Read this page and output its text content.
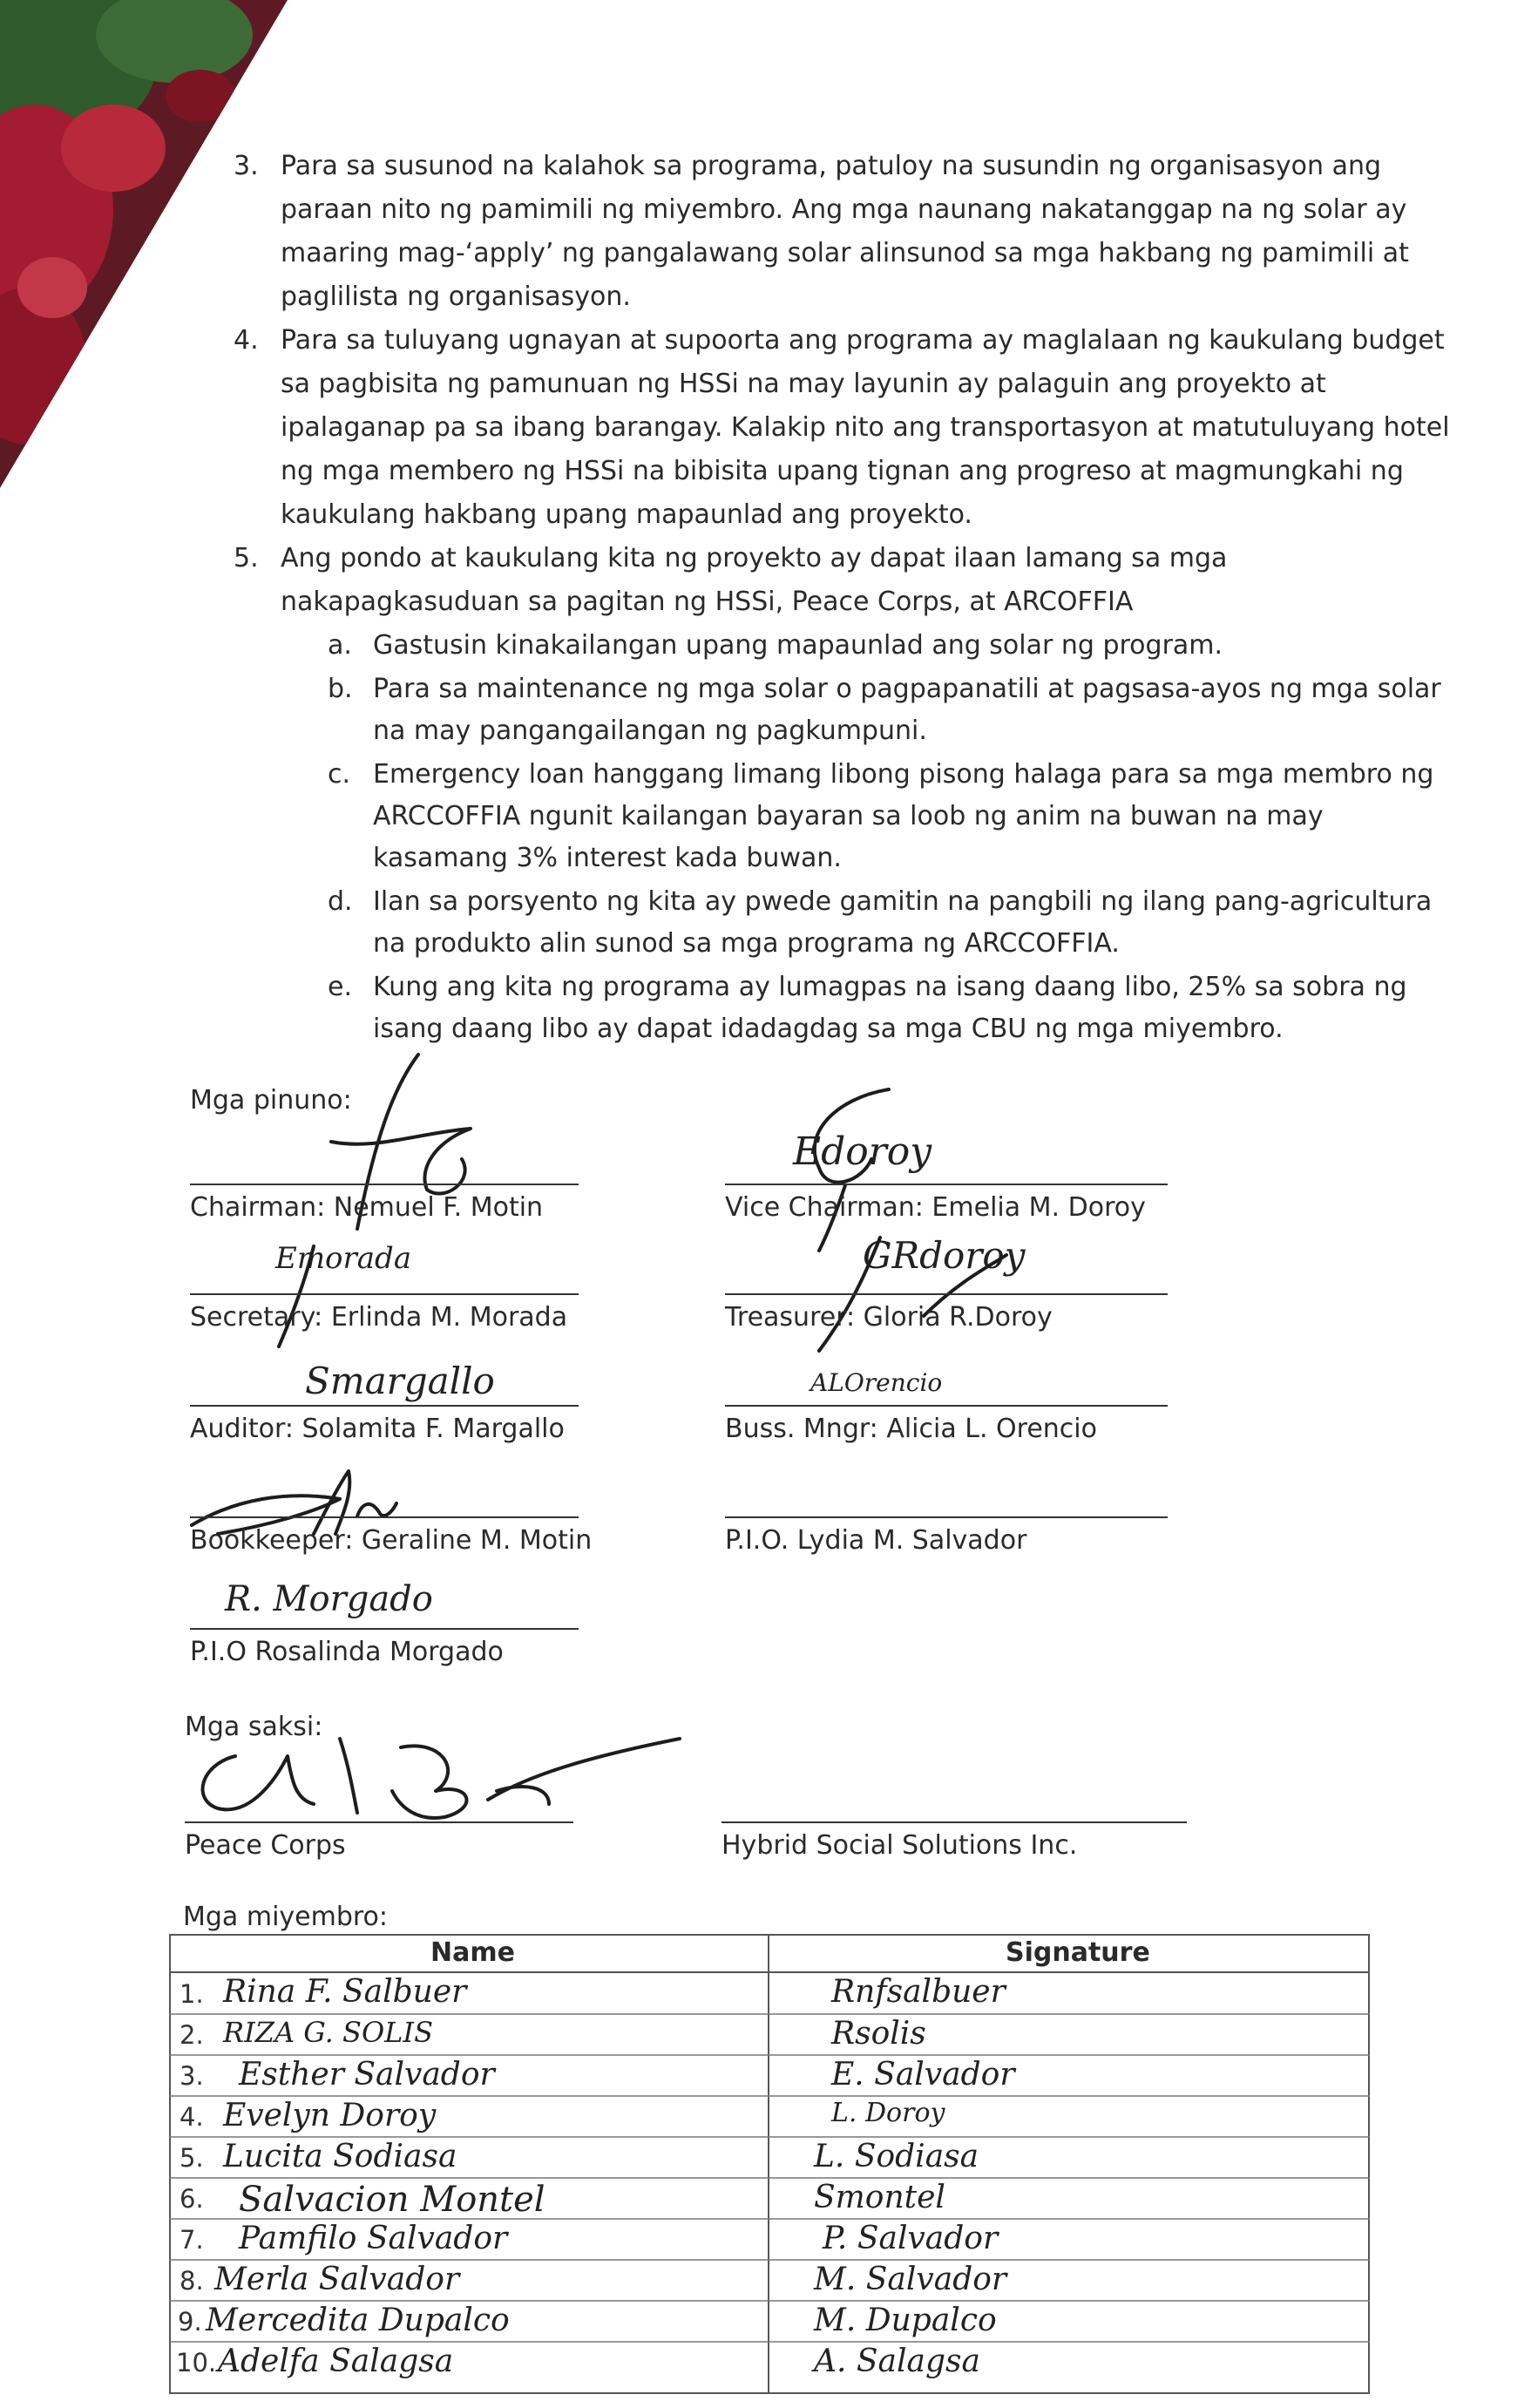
3. Para sa susunod na kalahok sa programa, patuloy na susundin ng organisasyon ang
paraan nito ng pamimili ng miyembro. Ang mga naunang nakatanggap na ng solar ay
maaring mag-‘apply’ ng pangalawang solar alinsunod sa mga hakbang ng pamimili at
paglilista ng organisasyon.
4. Para sa tuluyang ugnayan at supoorta ang programa ay maglalaan ng kaukulang budget
sa pagbisita ng pamunuan ng HSSi na may layunin ay palaguin ang proyekto at
ipalaganap pa sa ibang barangay. Kalakip nito ang transportasyon at matutuluyang hotel
ng mga membero ng HSSi na bibisita upang tignan ang progreso at magmungkahi ng
kaukulang hakbang upang mapaunlad ang proyekto.
5. Ang pondo at kaukulang kita ng proyekto ay dapat ilaan lamang sa mga
nakapagkasuduan sa pagitan ng HSSi, Peace Corps, at ARCOFFIA
a. Gastusin kinakailangan upang mapaunlad ang solar ng program.
b. Para sa maintenance ng mga solar o pagpapanatili at pagsasa-ayos ng mga solar
na may pangangailangan ng pagkumpuni.
c. Emergency loan hanggang limang libong pisong halaga para sa mga membro ng
ARCCOFFIA ngunit kailangan bayaran sa loob ng anim na buwan na may
kasamang 3% interest kada buwan.
d. Ilan sa porsyento ng kita ay pwede gamitin na pangbili ng ilang pang-agricultura
na produkto alin sunod sa mga programa ng ARCCOFFIA.
e. Kung ang kita ng programa ay lumagpas na isang daang libo, 25% sa sobra ng
isang daang libo ay dapat idadagdag sa mga CBU ng mga miyembro.
Mga pinuno:
Chairman: Nemuel F. Motin
Edoroy
Vice Chairman: Emelia M. Doroy
Emorada
Secretary: Erlinda M. Morada
GRdoroy
Treasurer: Gloria R.Doroy
Smargallo
Auditor: Solamita F. Margallo
ALOrencio
Buss. Mngr: Alicia L. Orencio
Bookkeeper: Geraline M. Motin	P.I.O. Lydia M. Salvador
R. Morgado
P.I.O Rosalinda Morgado
Mga saksi:
Peace Corps	Hybrid Social Solutions Inc.
Mga miyembro:
Name	Signature
1. Rina F. Salbuer	Rnfsalbuer
2. RIZA G. SOLIS	Rsolis
3. Esther Salvador	E. Salvador
4. Evelyn Doroy	L. Doroy
5. Lucita Sodiasa	L. Sodiasa
6. Salvacion Montel	Smontel
7. Pamfilo Salvador	P. Salvador
8. Merla Salvador	M. Salvador
9. Mercedita Dupalco	M. Dupalco
10. Adelfa Salagsa	A. Salagsa
